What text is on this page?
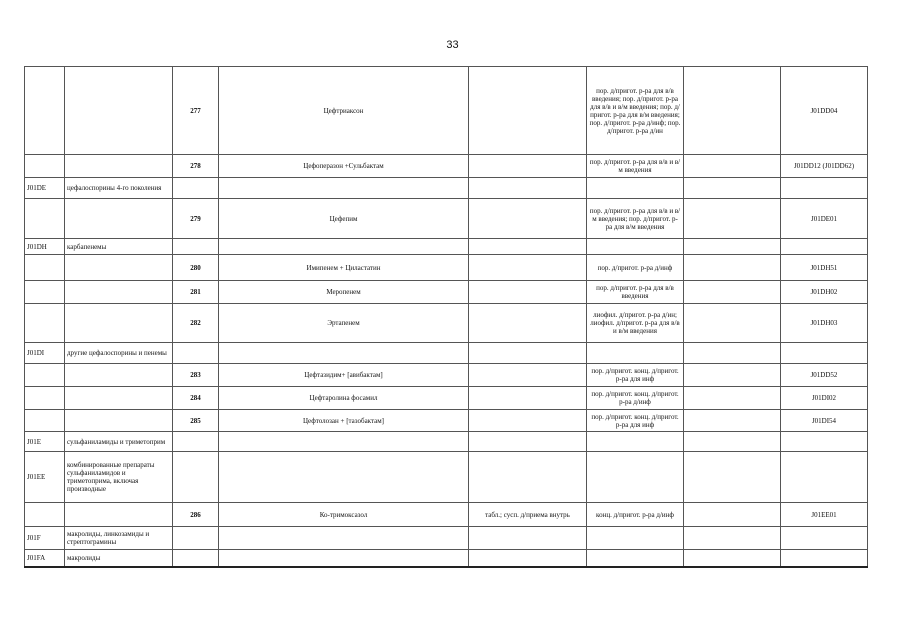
33
		277	Цефтриаксон		пор. д/пригот. р-ра для в/в введения; пор. д/пригот. р-ра для в/в и в/м введения; пор. д/пригот. р-ра для в/м введения; пор. д/пригот. р-ра д/инф; пор. д/пригот. р-ра д/ин		J01DD04
		278	Цефоперазон +Сульбактам		пор. д/пригот. р-ра для в/в и в/м введения		J01DD12 (J01DD62)
J01DE	цефалоспорины 4-го поколения						
		279	Цефепим		пор. д/пригот. р-ра для в/в и в/м введения; пор. д/пригот. р-ра для в/м введения		J01DE01
J01DH	карбапенемы						
		280	Имипенем + Циластатин		пор. д/пригот. р-ра д/инф		J01DH51
		281	Меропенем		пор. д/пригот. р-ра для в/в введения		J01DH02
		282	Эртапенем		лиофил. д/пригот. р-ра д/ин; лиофил. д/пригот. р-ра для в/в и в/м введения		J01DH03
J01DI	другие цефалоспорины и пенемы						
		283	Цефтазидим+ [авибактам]		пор. д/пригот. конц. д/пригот. р-ра для инф		J01DD52
		284	Цефтаролина фосамил		пор. д/пригот. конц. д/пригот. р-ра д/инф		J01DI02
		285	Цефтолозан + [тазобактам]		пор. д/пригот. конц. д/пригот. р-ра для инф		J01DI54
J01E	сульфаниламиды и триметоприм						
J01EE	комбинированные препараты сульфаниламидов и триметоприма, включая производные						
		286	Ко-тримоксазол	табл.; сусп. д/приема внутрь	конц. д/пригот. р-ра д/инф		J01EE01
J01F	макролиды, линкозамиды и стрептограмины						
J01FA	макролиды						
